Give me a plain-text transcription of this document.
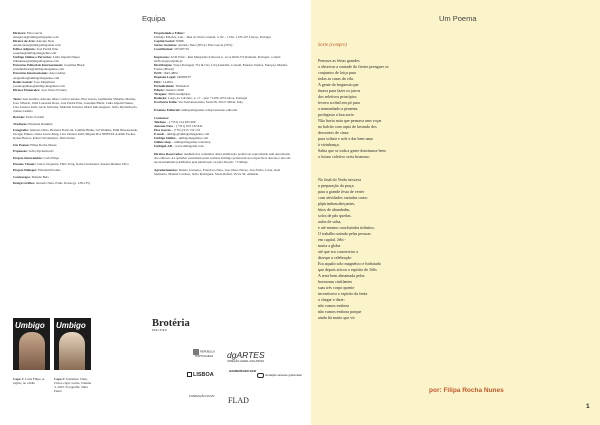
Equipa

Diretora: Elsa Garcia

elsagarcia@umbigomagazine.com

Diretor de Arte: Antonio Neta

antonioneta@umbigomagazine.com

Editor Adjunto: José Pardal Pina

josepina@umbigomagazine.com

Umbigo Online e Parcerias: Lidia Alpoim Nunes

lidianunes@umbigomagazine.com

Parcerias Editoriais Internacionais: Josseline Black

josselineblack@umbigomagazine.com

Parcerias Internacionais: Ana Grebler

anagrebler@umbigomagazine.com

Redes Sociais: Joao Magalhaes

joaomagalhaes@umbigomagazine.com

Diretor Financeiro: Joao Paulo Ferreira

Texto: Ana Grebler, Antonio Ohaz, Carla Carbone, Elsa Garcia, Guilherme Villarino Marina, Joao Silvério, Júlia Lousadra Roza, José Pardal Pina, Josseline Black, Lidia Alpoim Nunes, Liza Zennou Zelli, Lúcia Salvador, Mafalda Teixeira, Maria Inês Augusto, Sofia Dyckerhoofs, Tomás Castillo

Revisão: Pedro Sotomi

Tradução: Emanuel Kummer

Fotografia: Antonio Olaio, Bernard Franconi, Camille Blake, Gil Watkins, Emil Hasenwande, Giorgio Pinnes, Lúisa Lewis-King, Liza Zennou Zelli, Miguel Dos NEBVULA,Ruth Tucker, Kaisel Barros, Robert Wodesmyer, Shira Petter

Um Poema: Filipa Rocha Nunes

Expansão: Sofia Dyckerhoofs

Projeto Intercambio: Carla Filipe

Ensaios Visuais: Carlos Nogueira, Félix Vong, Kalas Lindstrand, Susana Mendes Silva

Projeto Diálogos: Elisabeth Prentis

Contracapa: Daniele Belo

Design Gráfico: Antonio Neta, Paulo Soares (p. 128-135)

Propriedade e Editor:

Umbigo Edições, Lda. – Rua do Norte Grande, n. 62 – 1 Dta. 1170-247 Lisboa, Portugal

Capital Social: 5000€

Sócios Gerentes: Antonio Neta (50%) e Elsa Garcia (50%)

Contribuinte: 507497710

Impressão: ACD Print – Rua Margarida d'Alcona n. 12-A 2620-272 Ramada. Portugal / e-mail: mcflows@acdprint.pt

Distribuição: Vasp (Portugal) / Ex & City Ltd (Austrália, Canadá, Estados Unidos, Europa), Martins Fontes (Brasil)

ISSN: 1645-4804

Depósito Legal: 246058/07

ERC: 124954

Periodicidade: Trimestral

Edição: Outubro 2020

Tiragem: 3000 exemplares

Redação: Largo do Calvário, n. 17 – piso +1200-105 Lisboa, Portugal

Escritório Itália: Via Sant'Alessandro Sauli 28, 20127 Milan, Italy

Estatuto Editorial: umbigomagazine.com/pt/estatuto-editorial

Contactos:

Telefone – (+351) 214 945 609

Antonio Neta – (+351) 919 132 842

Elsa Garcia – (+351) 915 132 155

E-mail – umbigo@umbigomagazine.com

Umbigo Online – umbigomagazine.com

Online shop – umbigomagazine.com/shop

UmbigoLAB – www.umbigolab.com

Direitos Reservados: nenhum dos conteúdos desta publicação poderá ser reproduzido sem autorização dos editores. As opiniões veiculadas pelas revistas Umbigo pertencem aos respectivos autores e não são necessariamente partilhadas pela publicação ou pela direção. ©Umbigo

Agradecimentos: Duarte Lourenço, Francisco Neta, Joao Nuno Neves, Joao Pedro Costa, Isaia Sarmento, Manuel Cardoso, Sofia Rodrigues, Sónia Rafael, Victor M. Almeida

Umbigo Umbigo
Capa 1: Carla Filipe, A região, no cáldio
Capa 2: Tomatheo Chen, Chaos-cigar, Leiria. Volume 3, 2023. Fotografia: Shira Petter
Brotéria
PARCEIRO
REPÚBLICA PORTUGUESA	dgARTES
DIREÇÃO-GERAL DAS ARTES
LISBOA
HAMBURGER BCD
fundação calouste gulbenkian
FUNDAÇÃO PLMJ FLAD
Um Poema
Sorte (compro)
Pensava as férias grandes
o observar a vontade do fiestre prenguer os
conjuntos de loiça para
todas as casas da vila.
A gente da freguesia que
tinava para fazer os jarros
dos seletivos princípios
levava scribal em pó para
o nomunhado a pimenta
prolegasta a boa sorte.
Não havia nota que pensava sem voçar
no balcão com arpia de lavando dos
descontes de cinza
para scibair e sole e dar bem umo
à vizinhança.
Sabia que se toda a gente dominasse bem
o futuro coletivo seria brumoso
No final do Verão iniciava
a preparação da praça
para a grande festa de verter
com atividades variadas como
pôpirimbascabeçantes,
bitos de abundadas,
solos de pão quedas.
aulas de salsa,
e até mesmo concluindos infinitos.
O trabalho unindo pelas pessoas
em capital. Jebt -
muita a globa
até que era concerteiro a
dizeqar a celebração
Era aqualo solo magnético e hidratado
que depois ativou o espírito de Jólis
A terra bem almantada pelas
hormonas cintilantes
suas très corpo quente
incentivava o espírito da fenta
a chegar e dizer:
não vamos embora
não vamos embora porque
ainda há muito que vir
por: Filipa Rocha Nunes
1
